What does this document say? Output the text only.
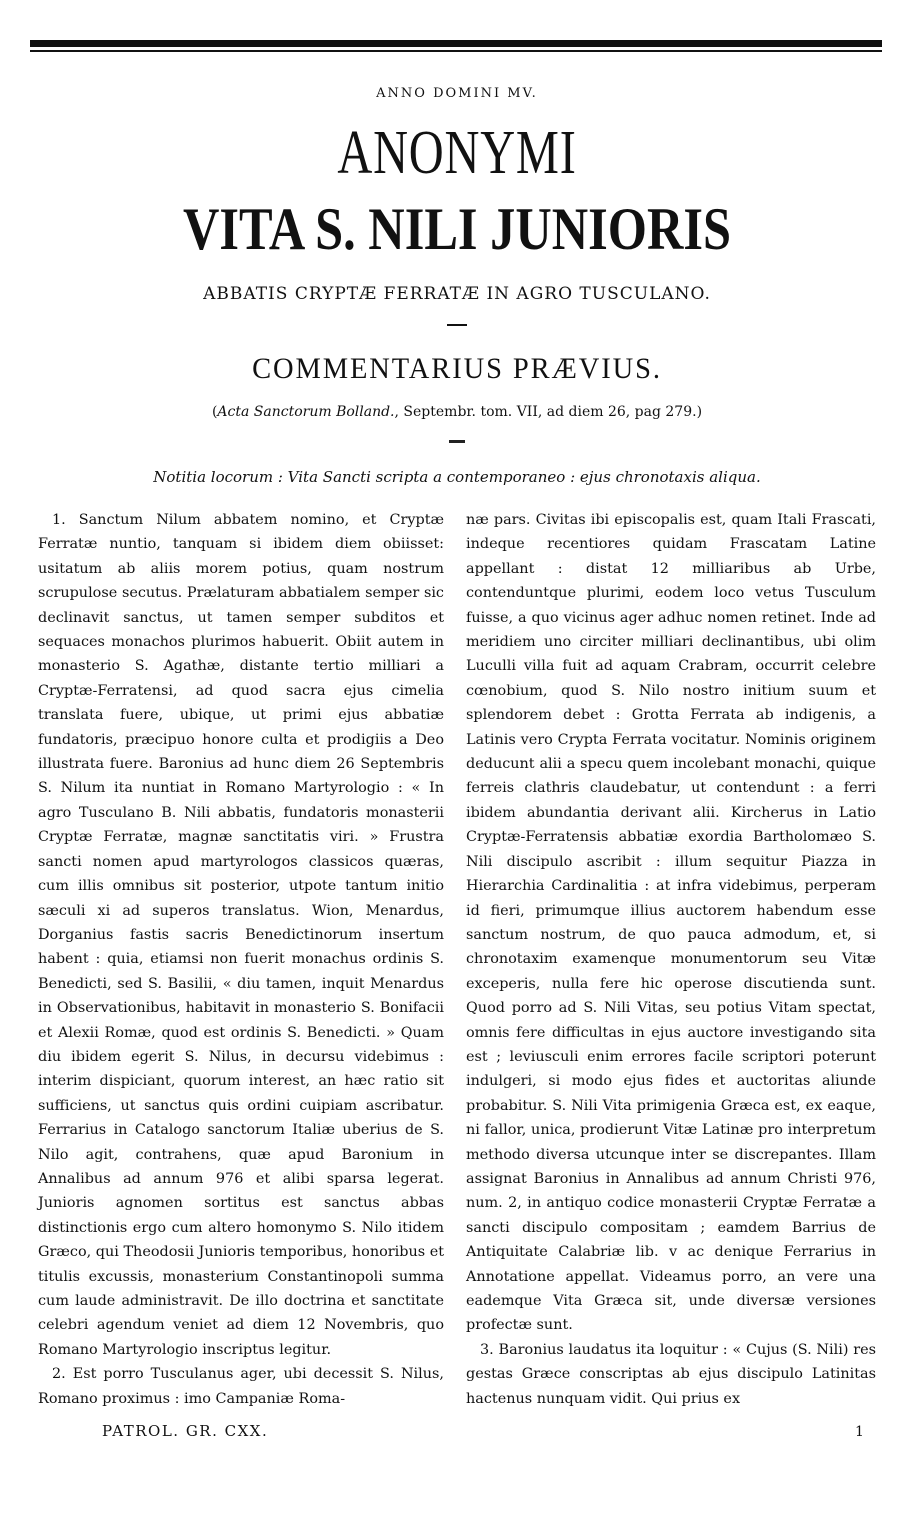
ANNO DOMINI MV.
ANONYMI
VITA S. NILI JUNIORIS
ABBATIS CRYPTÆ FERRATÆ IN AGRO TUSCULANO.
COMMENTARIUS PRÆVIUS.
(Acta Sanctorum Bolland., Septembr. tom. VII, ad diem 26, pag 279.)
Notitia locorum : Vita Sancti scripta a contemporaneo : ejus chronotaxis aliqua.

1. Sanctum Nilum abbatem nomino, et Cryptæ Ferratæ nuntio, tanquam si ibidem diem obiisset: usitatum ab aliis morem potius, quam nostrum scrupulose secutus. Prælaturam abbatialem semper sic declinavit sanctus, ut tamen semper subditos et sequaces monachos plurimos habuerit. Obiit autem in monasterio S. Agathæ, distante tertio milliari a Cryptæ-Ferratensi, ad quod sacra ejus cimelia translata fuere, ubique, ut primi ejus abbatiæ fundatoris, præcipuo honore culta et prodigiis a Deo illustrata fuere. Baronius ad hunc diem 26 Septembris S. Nilum ita nuntiat in Romano Martyrologio : « In agro Tusculano B. Nili abbatis, fundatoris monasterii Cryptæ Ferratæ, magnæ sanctitatis viri. » Frustra sancti nomen apud martyrologos classicos quæras, cum illis omnibus sit posterior, utpote tantum initio sæculi xi ad superos translatus. Wion, Menardus, Dorganius fastis sacris Benedictinorum insertum habent : quia, etiamsi non fuerit monachus ordinis S. Benedicti, sed S. Basilii, « diu tamen, inquit Menardus in Observationibus, habitavit in monasterio S. Bonifacii et Alexii Romæ, quod est ordinis S. Benedicti. » Quam diu ibidem egerit S. Nilus, in decursu videbimus : interim dispiciant, quorum interest, an hæc ratio sit sufficiens, ut sanctus quis ordini cuipiam ascribatur. Ferrarius in Catalogo sanctorum Italiæ uberius de S. Nilo agit, contrahens, quæ apud Baronium in Annalibus ad annum 976 et alibi sparsa legerat. Junioris agnomen sortitus est sanctus abbas distinctionis ergo cum altero homonymo S. Nilo itidem Græco, qui Theodosii Junioris temporibus, honoribus et titulis excussis, monasterium Constantinopoli summa cum laude administravit. De illo doctrina et sanctitate celebri agendum veniet ad diem 12 Novembris, quo Romano Martyrologio inscriptus legitur.

2. Est porro Tusculanus ager, ubi decessit S. Nilus, Romano proximus : imo Campaniæ Roma-

næ pars. Civitas ibi episcopalis est, quam Itali Frascati, indeque recentiores quidam Frascatam Latine appellant : distat 12 milliaribus ab Urbe, contenduntque plurimi, eodem loco vetus Tusculum fuisse, a quo vicinus ager adhuc nomen retinet. Inde ad meridiem uno circiter milliari declinantibus, ubi olim Luculli villa fuit ad aquam Crabram, occurrit celebre cœnobium, quod S. Nilo nostro initium suum et splendorem debet : Grotta Ferrata ab indigenis, a Latinis vero Crypta Ferrata vocitatur. Nominis originem deducunt alii a specu quem incolebant monachi, quique ferreis clathris claudebatur, ut contendunt : a ferri ibidem abundantia derivant alii. Kircherus in Latio Cryptæ-Ferratensis abbatiæ exordia Bartholomæo S. Nili discipulo ascribit : illum sequitur Piazza in Hierarchia Cardinalitia : at infra videbimus, perperam id fieri, primumque illius auctorem habendum esse sanctum nostrum, de quo pauca admodum, et, si chronotaxim examenque monumentorum seu Vitæ exceperis, nulla fere hic operose discutienda sunt. Quod porro ad S. Nili Vitas, seu potius Vitam spectat, omnis fere difficultas in ejus auctore investigando sita est ; leviusculi enim errores facile scriptori poterunt indulgeri, si modo ejus fides et auctoritas aliunde probabitur. S. Nili Vita primigenia Græca est, ex eaque, ni fallor, unica, prodierunt Vitæ Latinæ pro interpretum methodo diversa utcunque inter se discrepantes. Illam assignat Baronius in Annalibus ad annum Christi 976, num. 2, in antiquo codice monasterii Cryptæ Ferratæ a sancti discipulo compositam ; eamdem Barrius de Antiquitate Calabriæ lib. v ac denique Ferrarius in Annotatione appellat. Videamus porro, an vere una eademque Vita Græca sit, unde diversæ versiones profectæ sunt.

3. Baronius laudatus ita loquitur : « Cujus (S. Nili) res gestas Græce conscriptas ab ejus discipulo Latinitas hactenus nunquam vidit. Qui prius ex

PATROL. GR. CXX.	1
